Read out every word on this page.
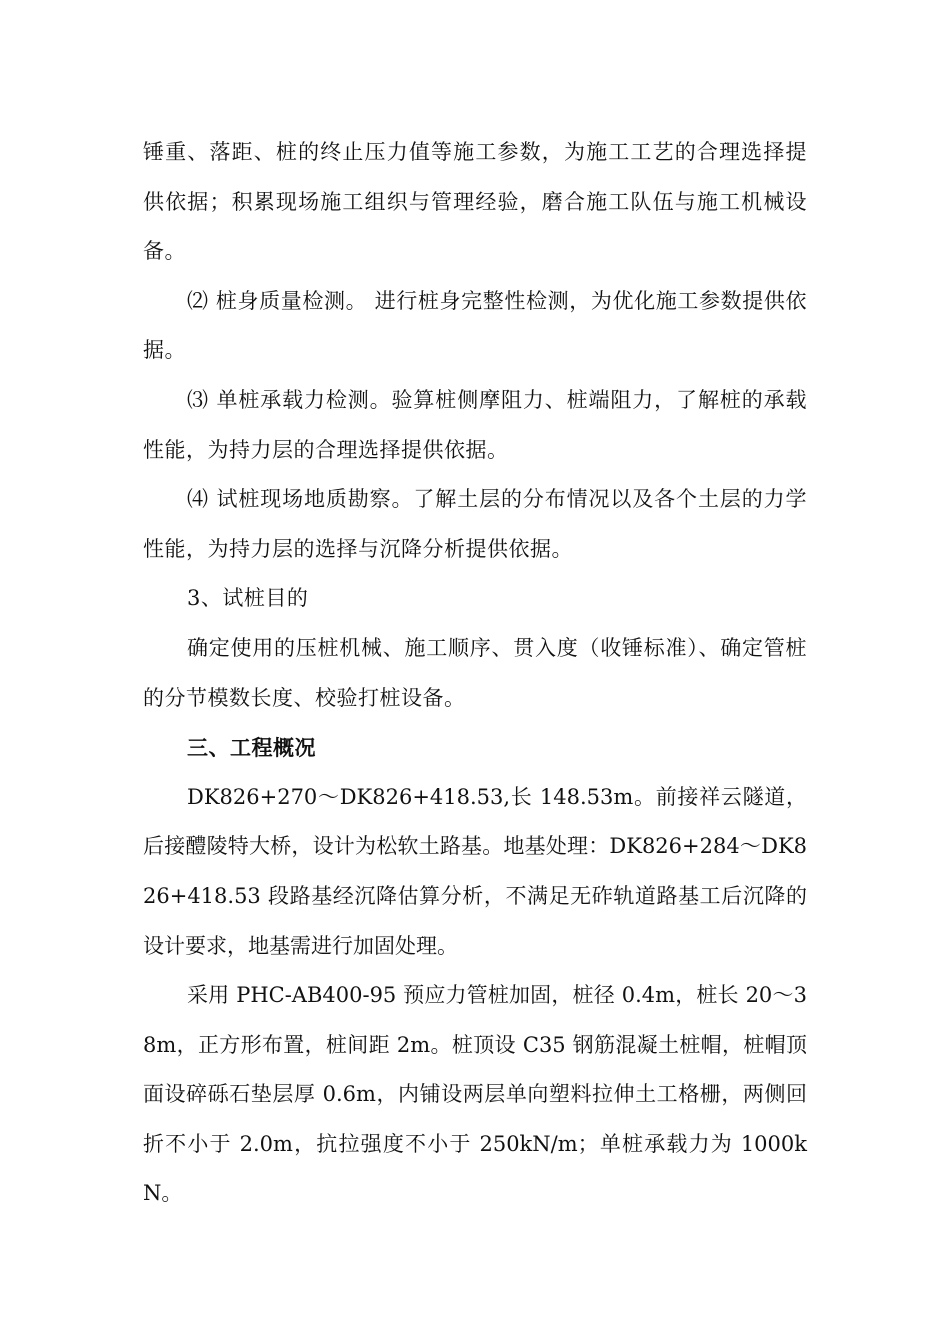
锤重、落距、桩的终止压力值等施工参数，为施工工艺的合理选择提供依据；积累现场施工组织与管理经验，磨合施工队伍与施工机械设备。

⑵ 桩身质量检测。 进行桩身完整性检测，为优化施工参数提供依据。

⑶ 单桩承载力检测。验算桩侧摩阻力、桩端阻力，了解桩的承载性能，为持力层的合理选择提供依据。

⑷ 试桩现场地质勘察。了解土层的分布情况以及各个土层的力学性能，为持力层的选择与沉降分析提供依据。

3、试桩目的

确定使用的压桩机械、施工顺序、贯入度（收锤标准）、确定管桩的分节模数长度、校验打桩设备。

三、工程概况

DK826+270～DK826+418.53,长 148.53m。前接祥云隧道，后接醴陵特大桥，设计为松软土路基。地基处理：DK826+284～DK826+418.53 段路基经沉降估算分析，不满足无砟轨道路基工后沉降的设计要求，地基需进行加固处理。

采用 PHC-AB400-95 预应力管桩加固，桩径 0.4m，桩长 20～38m，正方形布置，桩间距 2m。桩顶设 C35 钢筋混凝土桩帽，桩帽顶面设碎砾石垫层厚 0.6m，内铺设两层单向塑料拉伸土工格栅，两侧回折不小于 2.0m，抗拉强度不小于 250kN/m；单桩承载力为 1000kN。
